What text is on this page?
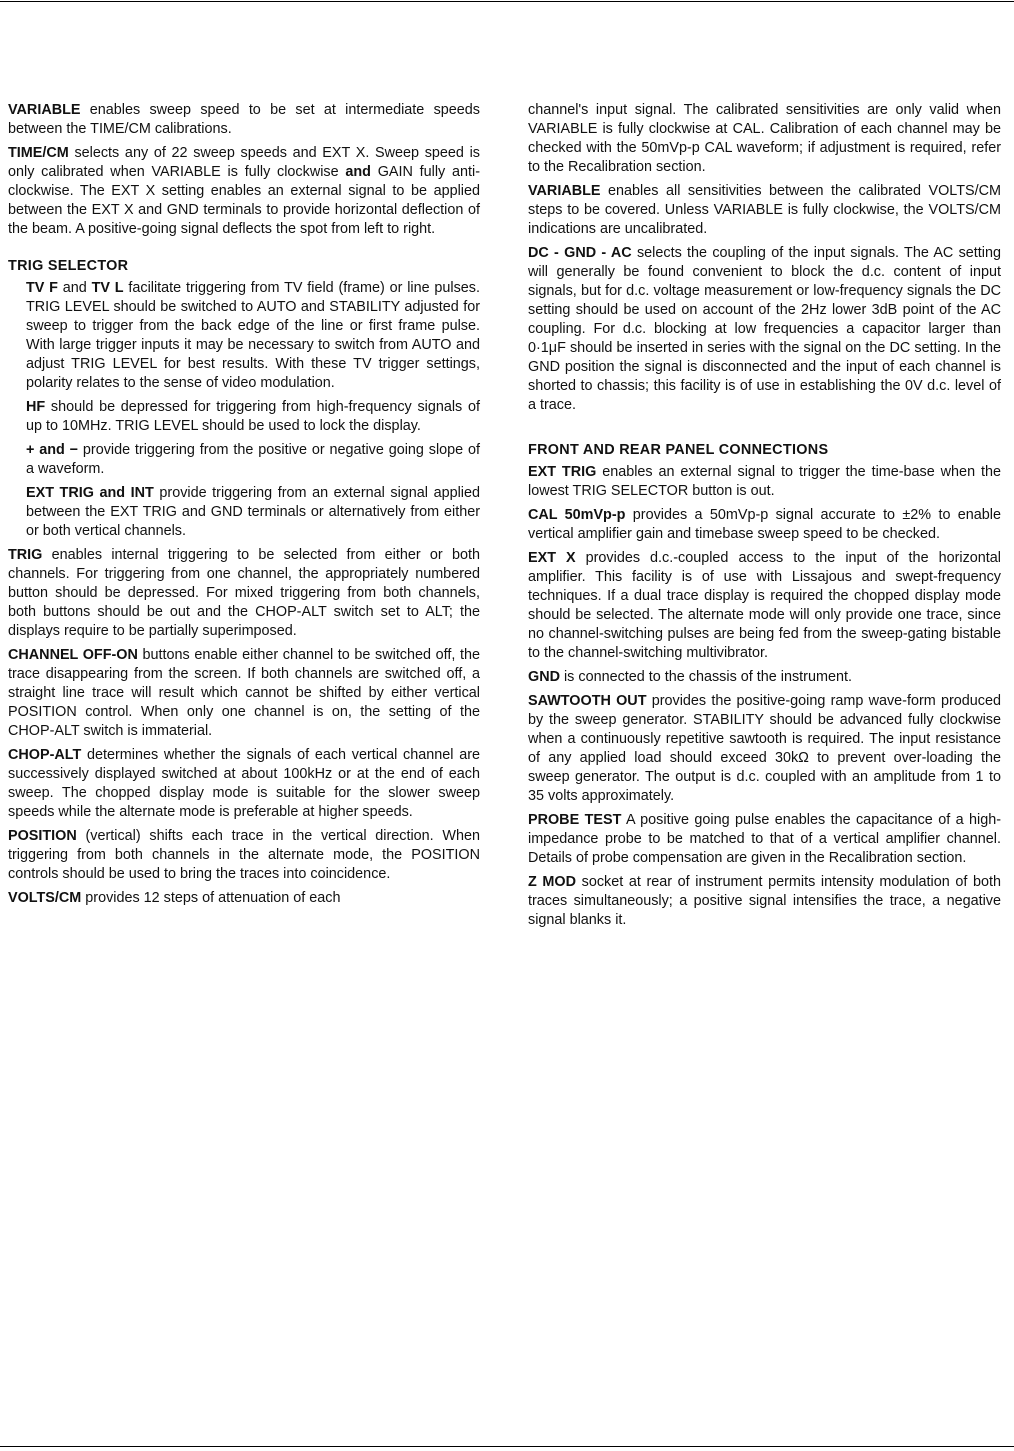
VARIABLE enables sweep speed to be set at intermediate speeds between the TIME/CM calibrations.

TIME/CM selects any of 22 sweep speeds and EXT X. Sweep speed is only calibrated when VARIABLE is fully clockwise and GAIN fully anti-clockwise. The EXT X setting enables an external signal to be applied between the EXT X and GND terminals to provide horizontal deflection of the beam. A positive-going signal deflects the spot from left to right.

TRIG SELECTOR

TV F and TV L facilitate triggering from TV field (frame) or line pulses. TRIG LEVEL should be switched to AUTO and STABILITY adjusted for sweep to trigger from the back edge of the line or first frame pulse. With large trigger inputs it may be necessary to switch from AUTO and adjust TRIG LEVEL for best results. With these TV trigger settings, polarity relates to the sense of video modulation.

HF should be depressed for triggering from high-frequency signals of up to 10MHz. TRIG LEVEL should be used to lock the display.

+ and − provide triggering from the positive or negative going slope of a waveform.

EXT TRIG and INT provide triggering from an external signal applied between the EXT TRIG and GND terminals or alternatively from either or both vertical channels.

TRIG enables internal triggering to be selected from either or both channels. For triggering from one channel, the appropriately numbered button should be depressed. For mixed triggering from both channels, both buttons should be out and the CHOP-ALT switch set to ALT; the displays require to be partially superimposed.

CHANNEL OFF-ON buttons enable either channel to be switched off, the trace disappearing from the screen. If both channels are switched off, a straight line trace will result which cannot be shifted by either vertical POSITION control. When only one channel is on, the setting of the CHOP-ALT switch is immaterial.

CHOP-ALT determines whether the signals of each vertical channel are successively displayed switched at about 100kHz or at the end of each sweep. The chopped display mode is suitable for the slower sweep speeds while the alternate mode is preferable at higher speeds.

POSITION (vertical) shifts each trace in the vertical direction. When triggering from both channels in the alternate mode, the POSITION controls should be used to bring the traces into coincidence.

VOLTS/CM provides 12 steps of attenuation of each

channel's input signal. The calibrated sensitivities are only valid when VARIABLE is fully clockwise at CAL. Calibration of each channel may be checked with the 50mVp-p CAL waveform; if adjustment is required, refer to the Recalibration section.

VARIABLE enables all sensitivities between the calibrated VOLTS/CM steps to be covered. Unless VARIABLE is fully clockwise, the VOLTS/CM indications are uncalibrated.

DC - GND - AC selects the coupling of the input signals. The AC setting will generally be found convenient to block the d.c. content of input signals, but for d.c. voltage measurement or low-frequency signals the DC setting should be used on account of the 2Hz lower 3dB point of the AC coupling. For d.c. blocking at low frequencies a capacitor larger than 0·1μF should be inserted in series with the signal on the DC setting. In the GND position the signal is disconnected and the input of each channel is shorted to chassis; this facility is of use in establishing the 0V d.c. level of a trace.

FRONT AND REAR PANEL CONNECTIONS

EXT TRIG enables an external signal to trigger the time-base when the lowest TRIG SELECTOR button is out.

CAL 50mVp-p provides a 50mVp-p signal accurate to ±2% to enable vertical amplifier gain and timebase sweep speed to be checked.

EXT X provides d.c.-coupled access to the input of the horizontal amplifier. This facility is of use with Lissajous and swept-frequency techniques. If a dual trace display is required the chopped display mode should be selected. The alternate mode will only provide one trace, since no channel-switching pulses are being fed from the sweep-gating bistable to the channel-switching multivibrator.

GND is connected to the chassis of the instrument.

SAWTOOTH OUT provides the positive-going ramp wave-form produced by the sweep generator. STABILITY should be advanced fully clockwise when a continuously repetitive sawtooth is required. The input resistance of any applied load should exceed 30kΩ to prevent over-loading the sweep generator. The output is d.c. coupled with an amplitude from 1 to 35 volts approximately.

PROBE TEST A positive going pulse enables the capacitance of a high-impedance probe to be matched to that of a vertical amplifier channel. Details of probe compensation are given in the Recalibration section.

Z MOD socket at rear of instrument permits intensity modulation of both traces simultaneously; a positive signal intensifies the trace, a negative signal blanks it.
